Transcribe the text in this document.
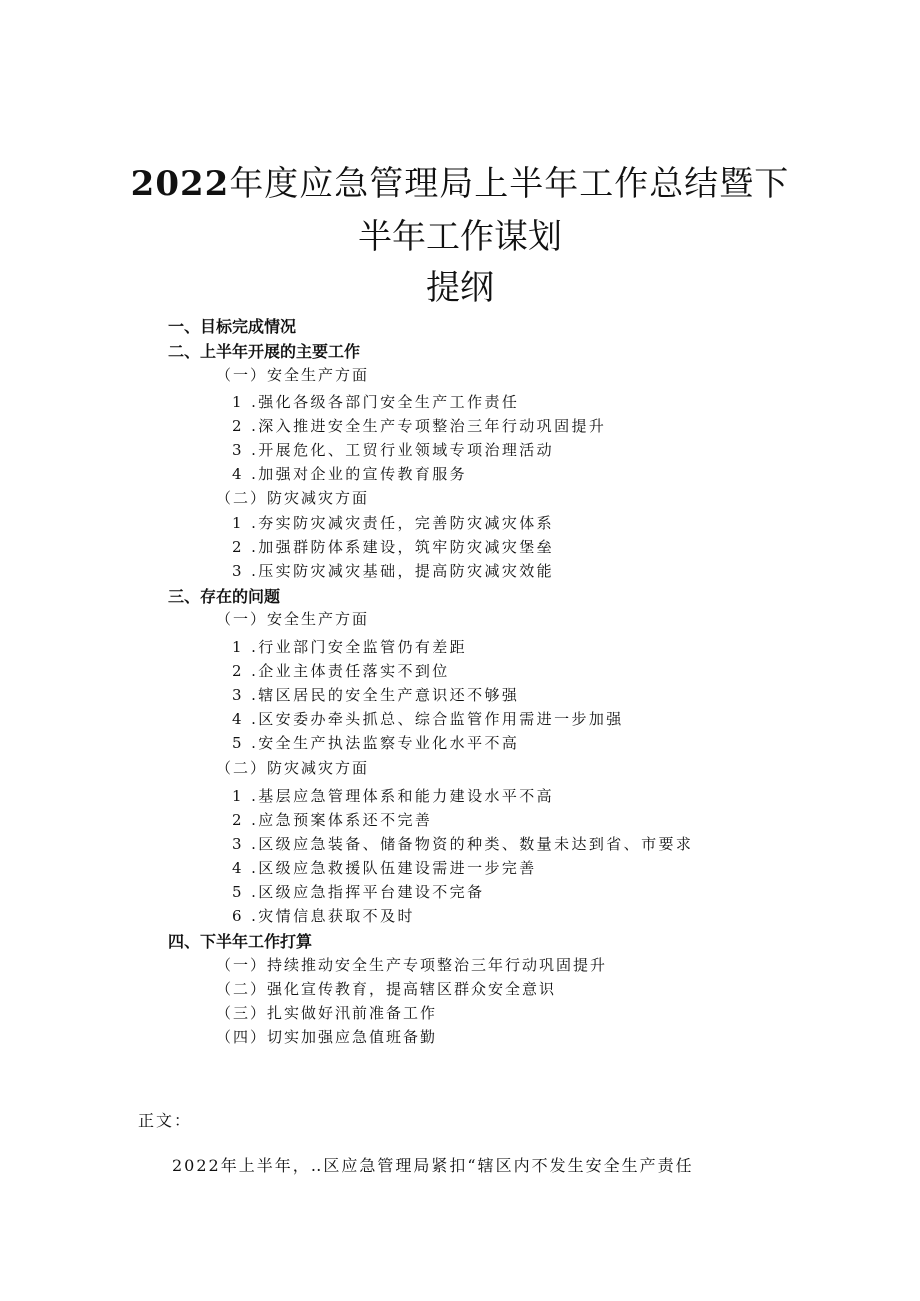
2022年度应急管理局上半年工作总结暨下
半年工作谋划
提纲
一、目标完成情况
二、上半年开展的主要工作
（一）安全生产方面
1 .强化各级各部门安全生产工作责任
2 .深入推进安全生产专项整治三年行动巩固提升
3 .开展危化、工贸行业领域专项治理活动
4 .加强对企业的宣传教育服务
（二）防灾减灾方面
1 .夯实防灾减灾责任，完善防灾减灾体系
2 .加强群防体系建设，筑牢防灾减灾堡垒
3 .压实防灾减灾基础，提高防灾减灾效能
三、存在的问题
（一）安全生产方面
1 .行业部门安全监管仍有差距
2 .企业主体责任落实不到位
3 .辖区居民的安全生产意识还不够强
4 .区安委办牵头抓总、综合监管作用需进一步加强
5 .安全生产执法监察专业化水平不高
（二）防灾减灾方面
1 .基层应急管理体系和能力建设水平不高
2 .应急预案体系还不完善
3 .区级应急装备、储备物资的种类、数量未达到省、市要求
4 .区级应急救援队伍建设需进一步完善
5 .区级应急指挥平台建设不完备
6 .灾情信息获取不及时
四、下半年工作打算
（一）持续推动安全生产专项整治三年行动巩固提升
（二）强化宣传教育，提高辖区群众安全意识
（三）扎实做好汛前准备工作
（四）切实加强应急值班备勤
正文：
2022年上半年，‥区应急管理局紧扣“辖区内不发生安全生产责任
